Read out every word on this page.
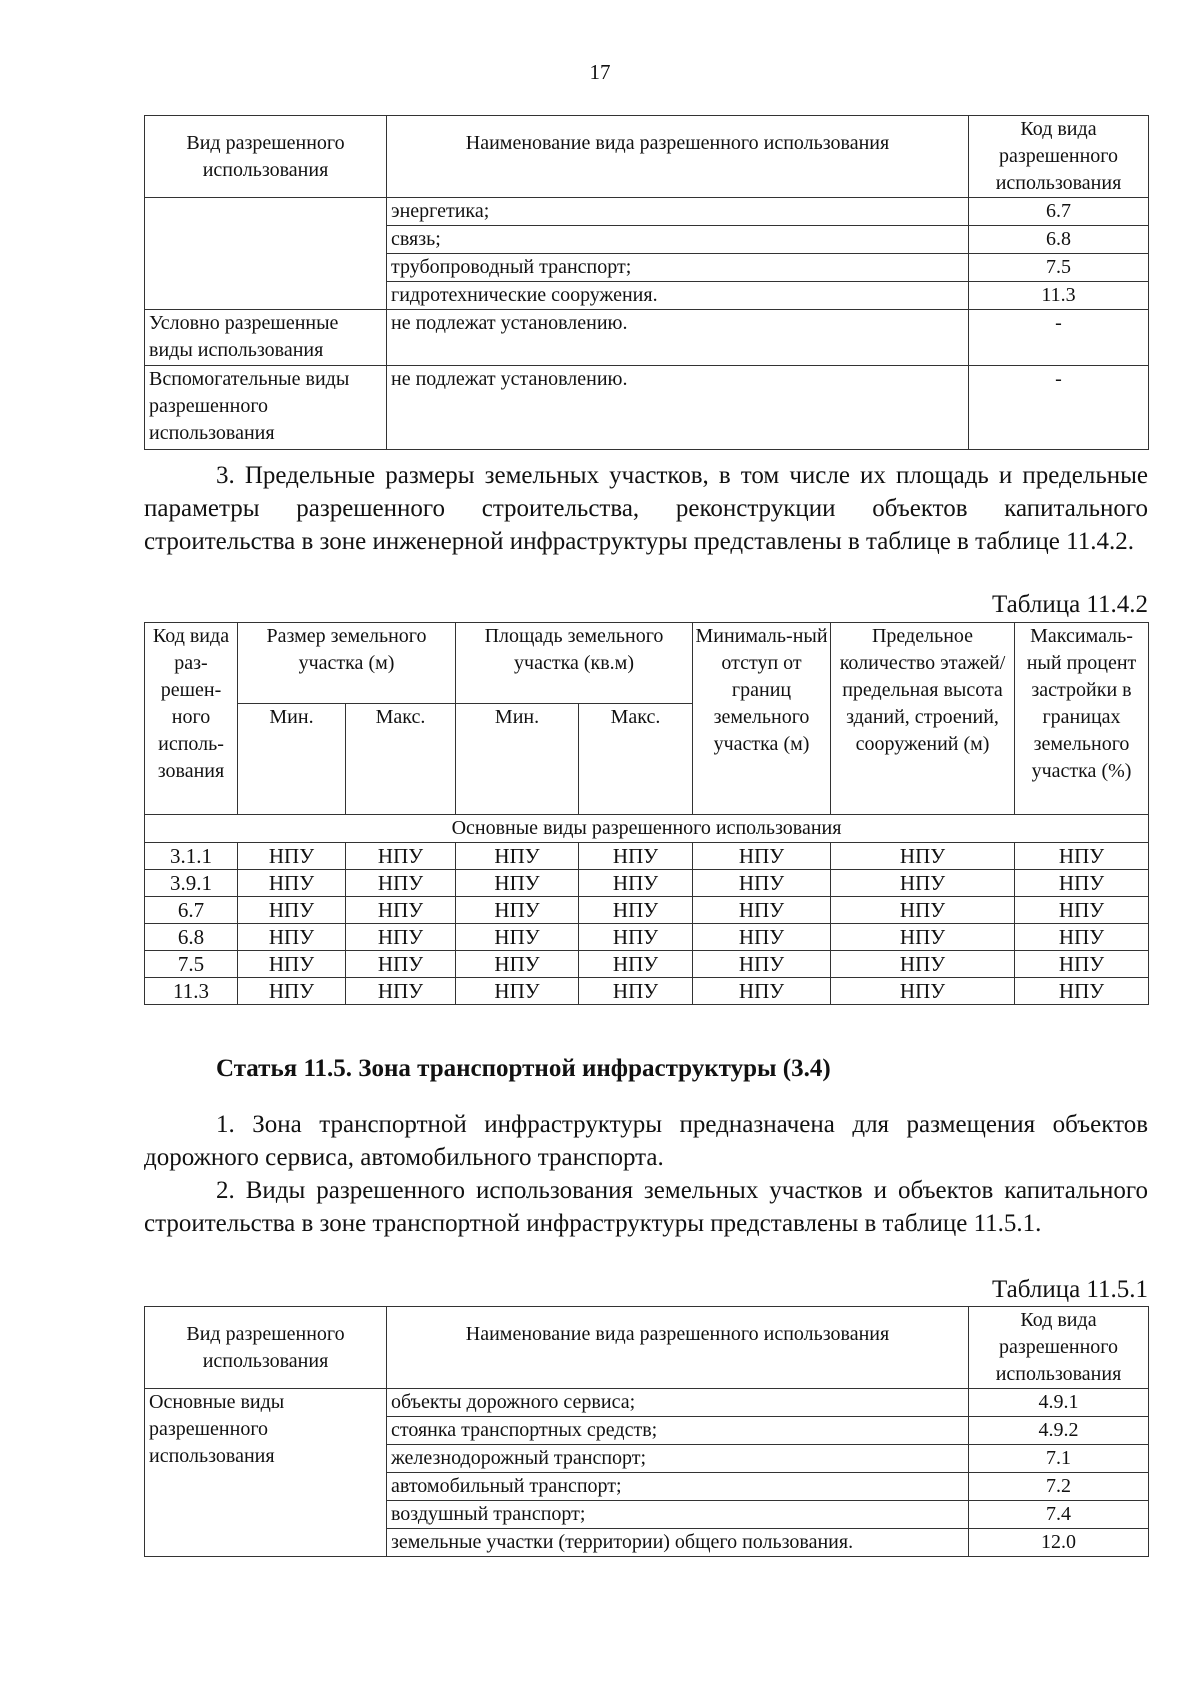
17
Вид разрешенного использования	Наименование вида разрешенного использования	Код вида разрешенного использования
	энергетика;	6.7
	связь;	6.8
	трубопроводный транспорт;	7.5
	гидротехнические сооружения.	11.3
Условно разрешенные виды использования	не подлежат установлению.	-
Вспомогательные виды разрешенного использования	не подлежат установлению.	-
3. Предельные размеры земельных участков, в том числе их площадь и предельные параметры разрешенного строительства, реконструкции объектов капитального строительства в зоне инженерной инфраструктуры представлены в таблице в таблице 11.4.2.
Таблица 11.4.2
Код вида раз-решен-ного исполь-зования	Размер земельного участка (м)		Площадь земельного участка (кв.м)		Минималь-ный отступ от границ земельного участка (м)	Предельное количество этажей/ предельная высота зданий, строений, сооружений (м)	Максималь-ный процент застройки в границах земельного участка (%)
	Мин.	Макс.	Мин.	Макс.			
Основные виды разрешенного использования							
3.1.1	НПУ	НПУ	НПУ	НПУ	НПУ	НПУ	НПУ
3.9.1	НПУ	НПУ	НПУ	НПУ	НПУ	НПУ	НПУ
6.7	НПУ	НПУ	НПУ	НПУ	НПУ	НПУ	НПУ
6.8	НПУ	НПУ	НПУ	НПУ	НПУ	НПУ	НПУ
7.5	НПУ	НПУ	НПУ	НПУ	НПУ	НПУ	НПУ
11.3	НПУ	НПУ	НПУ	НПУ	НПУ	НПУ	НПУ
Статья 11.5. Зона транспортной инфраструктуры (3.4)
1. Зона транспортной инфраструктуры предназначена для размещения объектов дорожного сервиса, автомобильного транспорта.
2. Виды разрешенного использования земельных участков и объектов капитального строительства в зоне транспортной инфраструктуры представлены в таблице 11.5.1.
Таблица 11.5.1
Вид разрешенного использования	Наименование вида разрешенного использования	Код вида разрешенного использования
Основные виды разрешенного использования	объекты дорожного сервиса;	4.9.1
	стоянка транспортных средств;	4.9.2
	железнодорожный транспорт;	7.1
	автомобильный транспорт;	7.2
	воздушный транспорт;	7.4
	земельные участки (территории) общего пользования.	12.0
